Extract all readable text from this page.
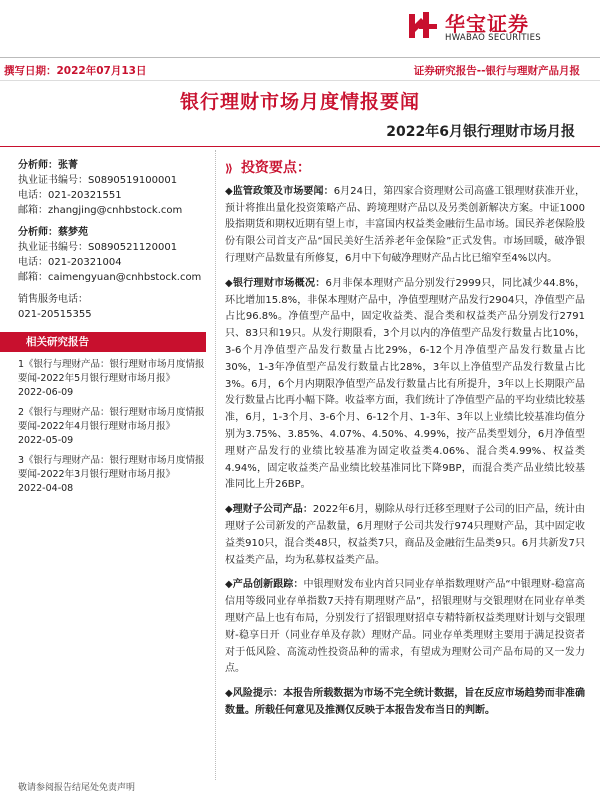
华宝证券
HWABAO SECURITIES
撰写日期：2022年07月13日	证券研究报告--银行与理财产品月报
银行理财市场月度情报要闻
2022年6月银行理财市场月报
分析师：张菁
执业证书编号：S0890519100001
电话：021-20321551
邮箱：zhangjing@cnhbstock.com
分析师：蔡梦苑
执业证书编号：S0890521120001
电话：021-20321004
邮箱：caimengyuan@cnhbstock.com
销售服务电话：
021-20515355
相关研究报告
1《银行与理财产品：银行理财市场月度情报要闻-2022年5月银行理财市场月报》
2022-06-09
2《银行与理财产品：银行理财市场月度情报要闻-2022年4月银行理财市场月报》
2022-05-09
3《银行与理财产品：银行理财市场月度情报要闻-2022年3月银行理财市场月报》
2022-04-08
⟫ 投资要点：
◆监管政策及市场要闻：6月24日，第四家合资理财公司高盛工银理财获准开业，预计将推出量化投资策略产品、跨境理财产品以及另类创新解决方案。中证1000股指期货和期权近期有望上市，丰富国内权益类金融衍生品市场。国民养老保险股份有限公司首支产品“国民美好生活养老年金保险”正式发售。市场回暖，破净银行理财产品数量有所修复，6月中下旬破净理财产品占比已缩窄至4%以内。
◆银行理财市场概况：6月非保本理财产品分别发行2999只，同比减少44.8%，环比增加15.8%，非保本理财产品中，净值型理财产品发行2904只，净值型产品占比96.8%。净值型产品中，固定收益类、混合类和权益类产品分别发行2791只、83只和19只。从发行期限看，3个月以内的净值型产品发行数量占比10%，3-6个月净值型产品发行数量占比29%，6-12个月净值型产品发行数量占比30%，1-3年净值型产品发行数量占比28%，3年以上净值型产品发行数量占比3%。6月，6个月内期限净值型产品发行数量占比有所提升，3年以上长期限产品发行数量占比再小幅下降。收益率方面，我们统计了净值型产品的平均业绩比较基准，6月，1-3个月、3-6个月、6-12个月、1-3年、3年以上业绩比较基准均值分别为3.75%、3.85%、4.07%、4.50%、4.99%，按产品类型划分，6月净值型理财产品发行的业绩比较基准为固定收益类4.06%、混合类4.99%、权益类4.94%，固定收益类产品业绩比较基准同比下降9BP，而混合类产品业绩比较基准同比上升26BP。
◆理财子公司产品：2022年6月，剔除从母行迁移至理财子公司的旧产品，统计由理财子公司新发的产品数量，6月理财子公司共发行974只理财产品，其中固定收益类910只，混合类48只，权益类7只，商品及金融衍生品类9只。6月共新发7只权益类产品，均为私募权益类产品。
◆产品创新跟踪：中银理财发布业内首只同业存单指数理财产品“中银理财-稳富高信用等级同业存单指数7天持有期理财产品”，招银理财与交银理财在同业存单类理财产品上也有布局，分别发行了招银理财招卓专精特新权益类理财计划与交银理财-稳享日开（同业存单及存款）理财产品。同业存单类理财主要用于满足投资者对于低风险、高流动性投资品种的需求，有望成为理财公司产品布局的又一发力点。
◆风险提示：本报告所载数据为市场不完全统计数据，旨在反应市场趋势而非准确数量。所载任何意见及推测仅反映于本报告发布当日的判断。
敬请参阅报告结尾处免责声明
